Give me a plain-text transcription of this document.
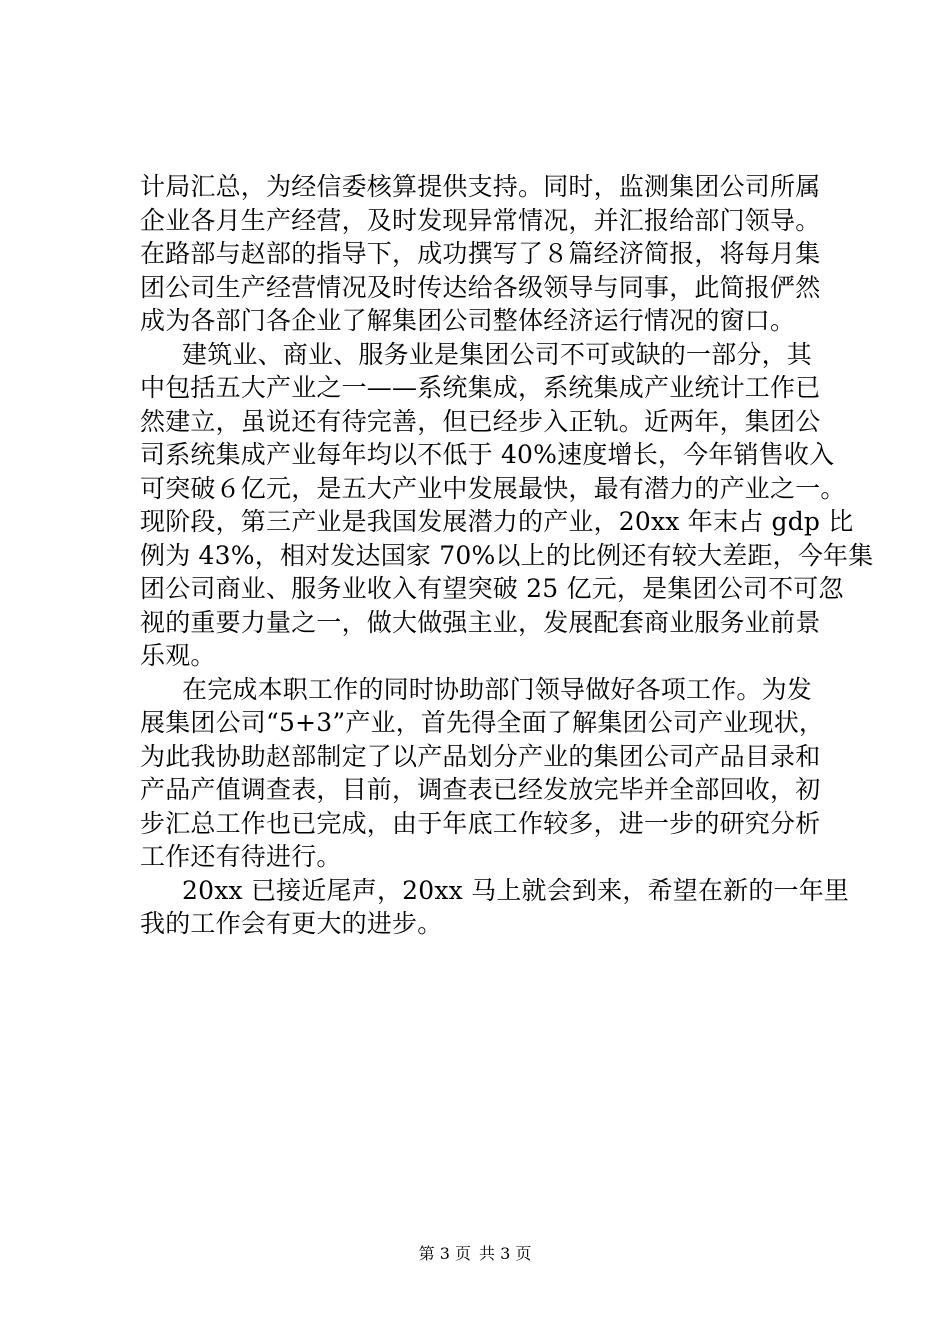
计局汇总，为经信委核算提供支持。同时，监测集团公司所属
企业各月生产经营，及时发现异常情况，并汇报给部门领导。
在路部与赵部的指导下，成功撰写了８篇经济简报，将每月集
团公司生产经营情况及时传达给各级领导与同事，此简报俨然
成为各部门各企业了解集团公司整体经济运行情况的窗口。
建筑业、商业、服务业是集团公司不可或缺的一部分，其
中包括五大产业之一——系统集成，系统集成产业统计工作已
然建立，虽说还有待完善，但已经步入正轨。近两年，集团公
司系统集成产业每年均以不低于 40%速度增长，今年销售收入
可突破６亿元，是五大产业中发展最快，最有潜力的产业之一。
现阶段，第三产业是我国发展潜力的产业，20xx 年末占 gdp 比
例为 43%，相对发达国家 70%以上的比例还有较大差距，今年集
团公司商业、服务业收入有望突破 25 亿元，是集团公司不可忽
视的重要力量之一，做大做强主业，发展配套商业服务业前景
乐观。
在完成本职工作的同时协助部门领导做好各项工作。为发
展集团公司“5+3”产业，首先得全面了解集团公司产业现状，
为此我协助赵部制定了以产品划分产业的集团公司产品目录和
产品产值调查表，目前，调查表已经发放完毕并全部回收，初
步汇总工作也已完成，由于年底工作较多，进一步的研究分析
工作还有待进行。
20xx 已接近尾声，20xx 马上就会到来，希望在新的一年里
我的工作会有更大的进步。
第 3 页 共 3 页
